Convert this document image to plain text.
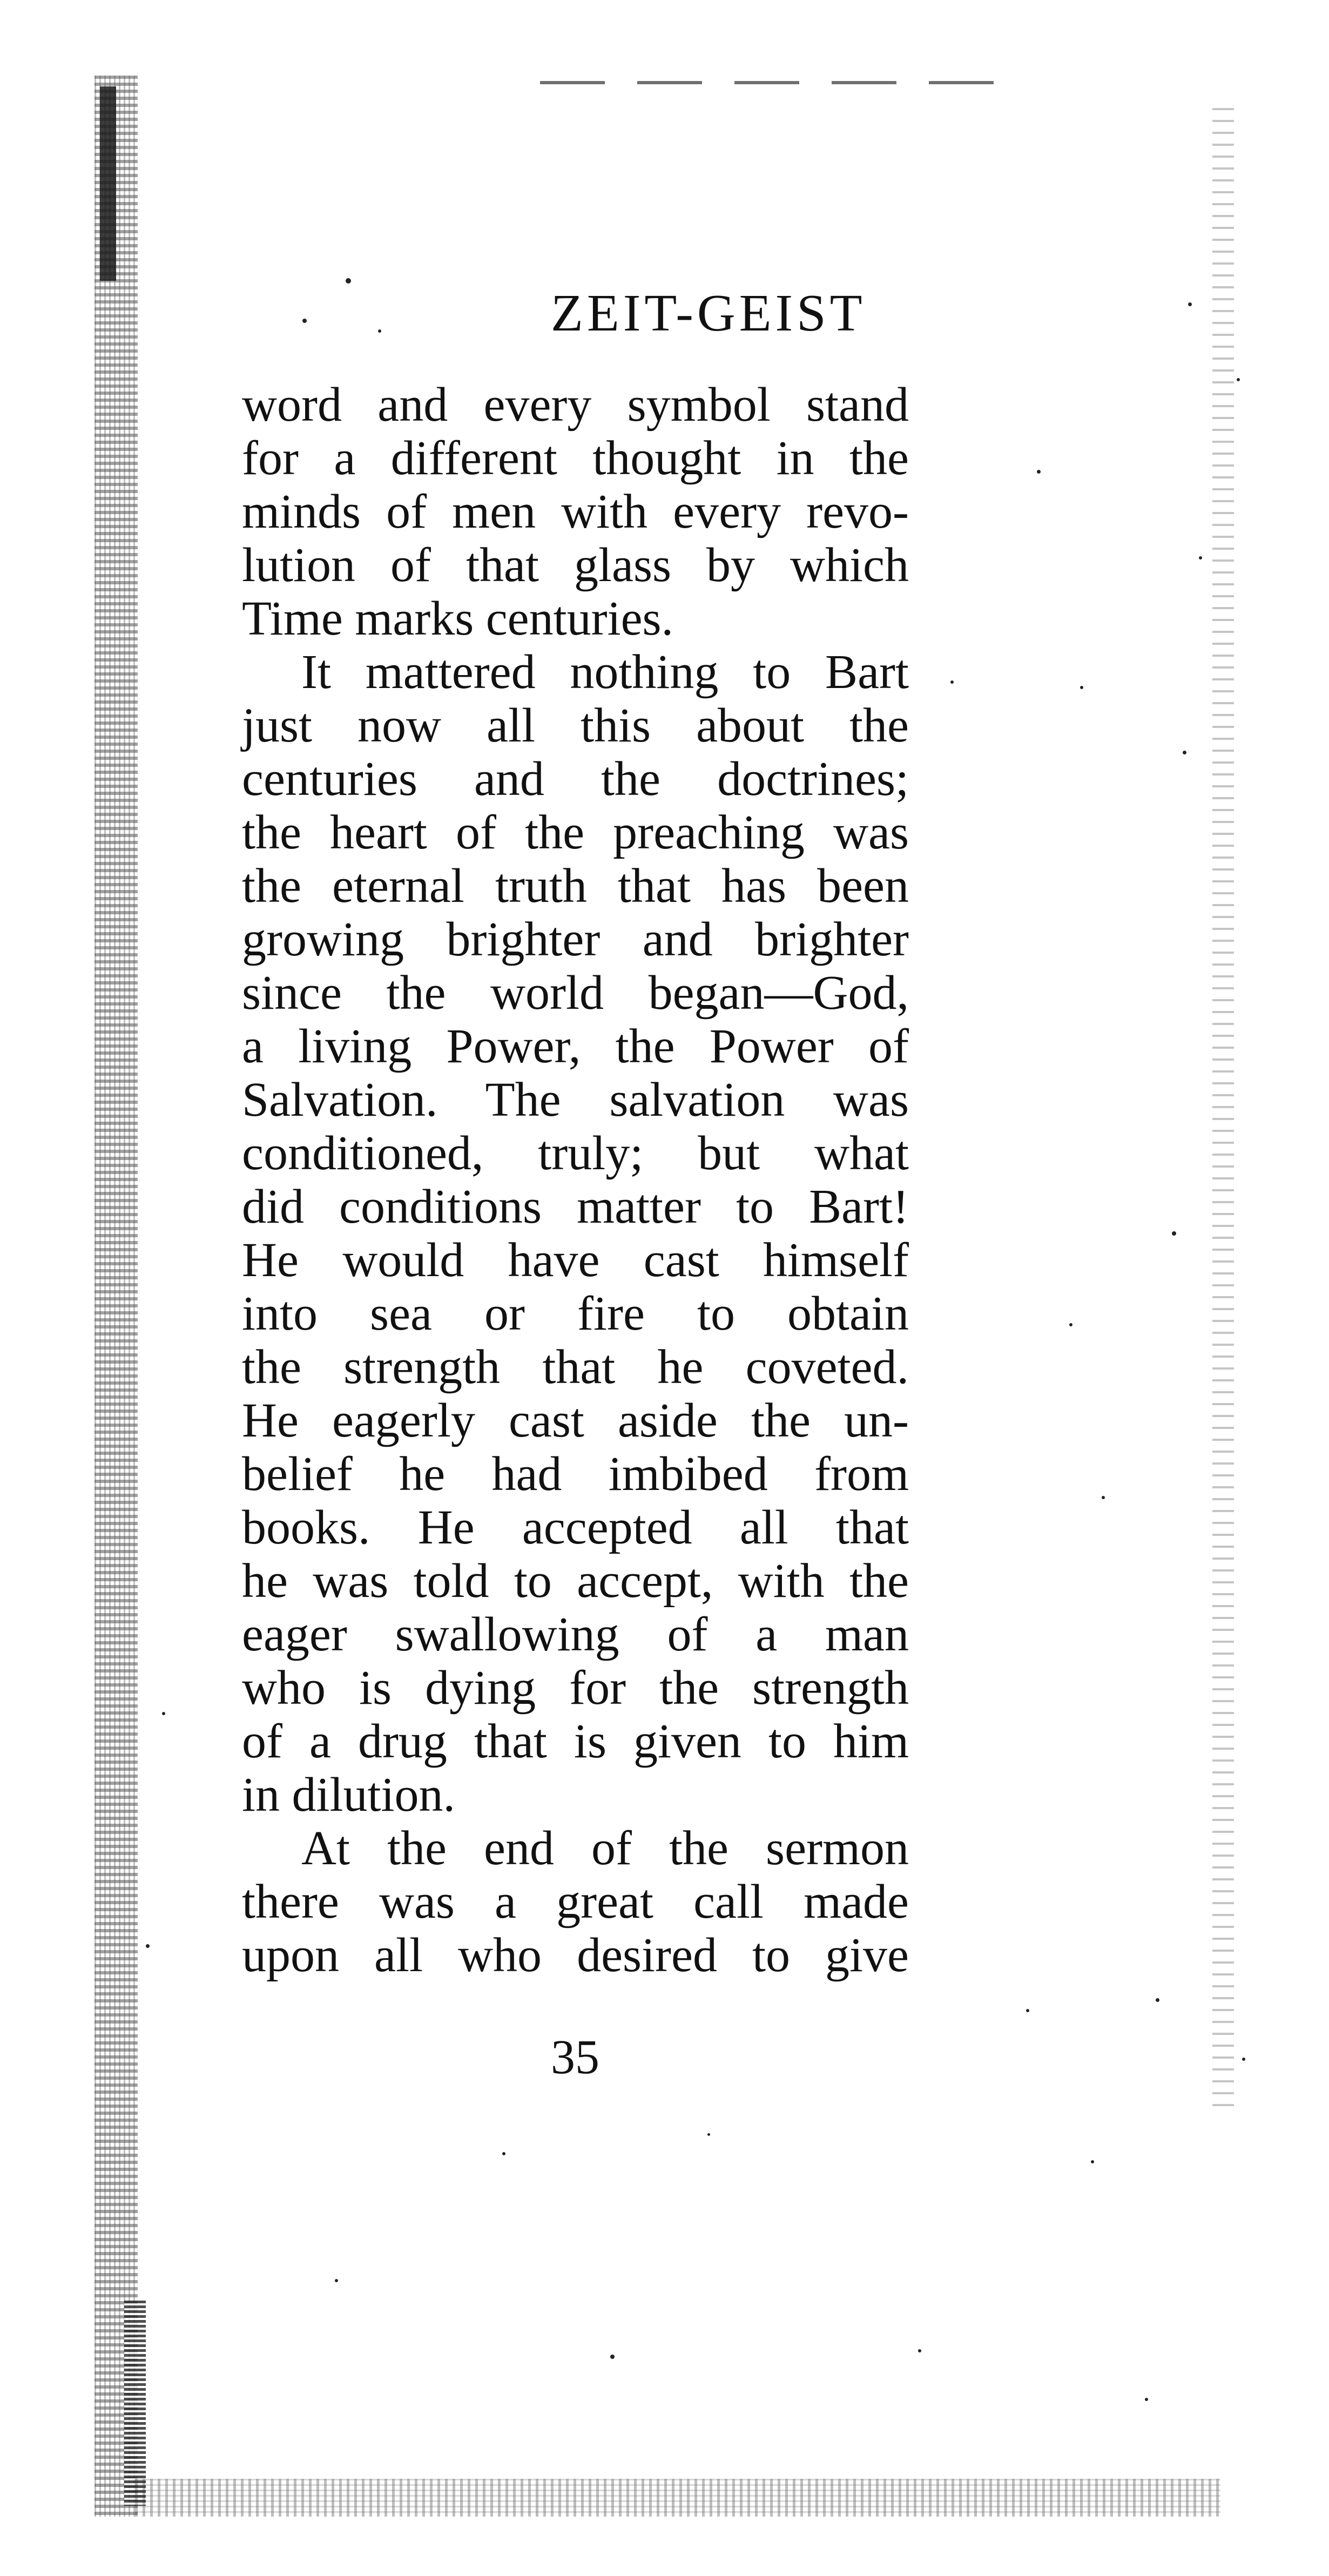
ZEIT-GEIST
word and every symbol stand
for a different thought in the
minds of men with every revo-
lution of that glass by which
Time marks centuries.
It mattered nothing to Bart
just now all this about the
centuries and the doctrines;
the heart of the preaching was
the eternal truth that has been
growing brighter and brighter
since the world began—God,
a living Power, the Power of
Salvation. The salvation was
conditioned, truly; but what
did conditions matter to Bart!
He would have cast himself
into sea or fire to obtain
the strength that he coveted.
He eagerly cast aside the un-
belief he had imbibed from
books. He accepted all that
he was told to accept, with the
eager swallowing of a man
who is dying for the strength
of a drug that is given to him
in dilution.
At the end of the sermon
there was a great call made
upon all who desired to give
35
